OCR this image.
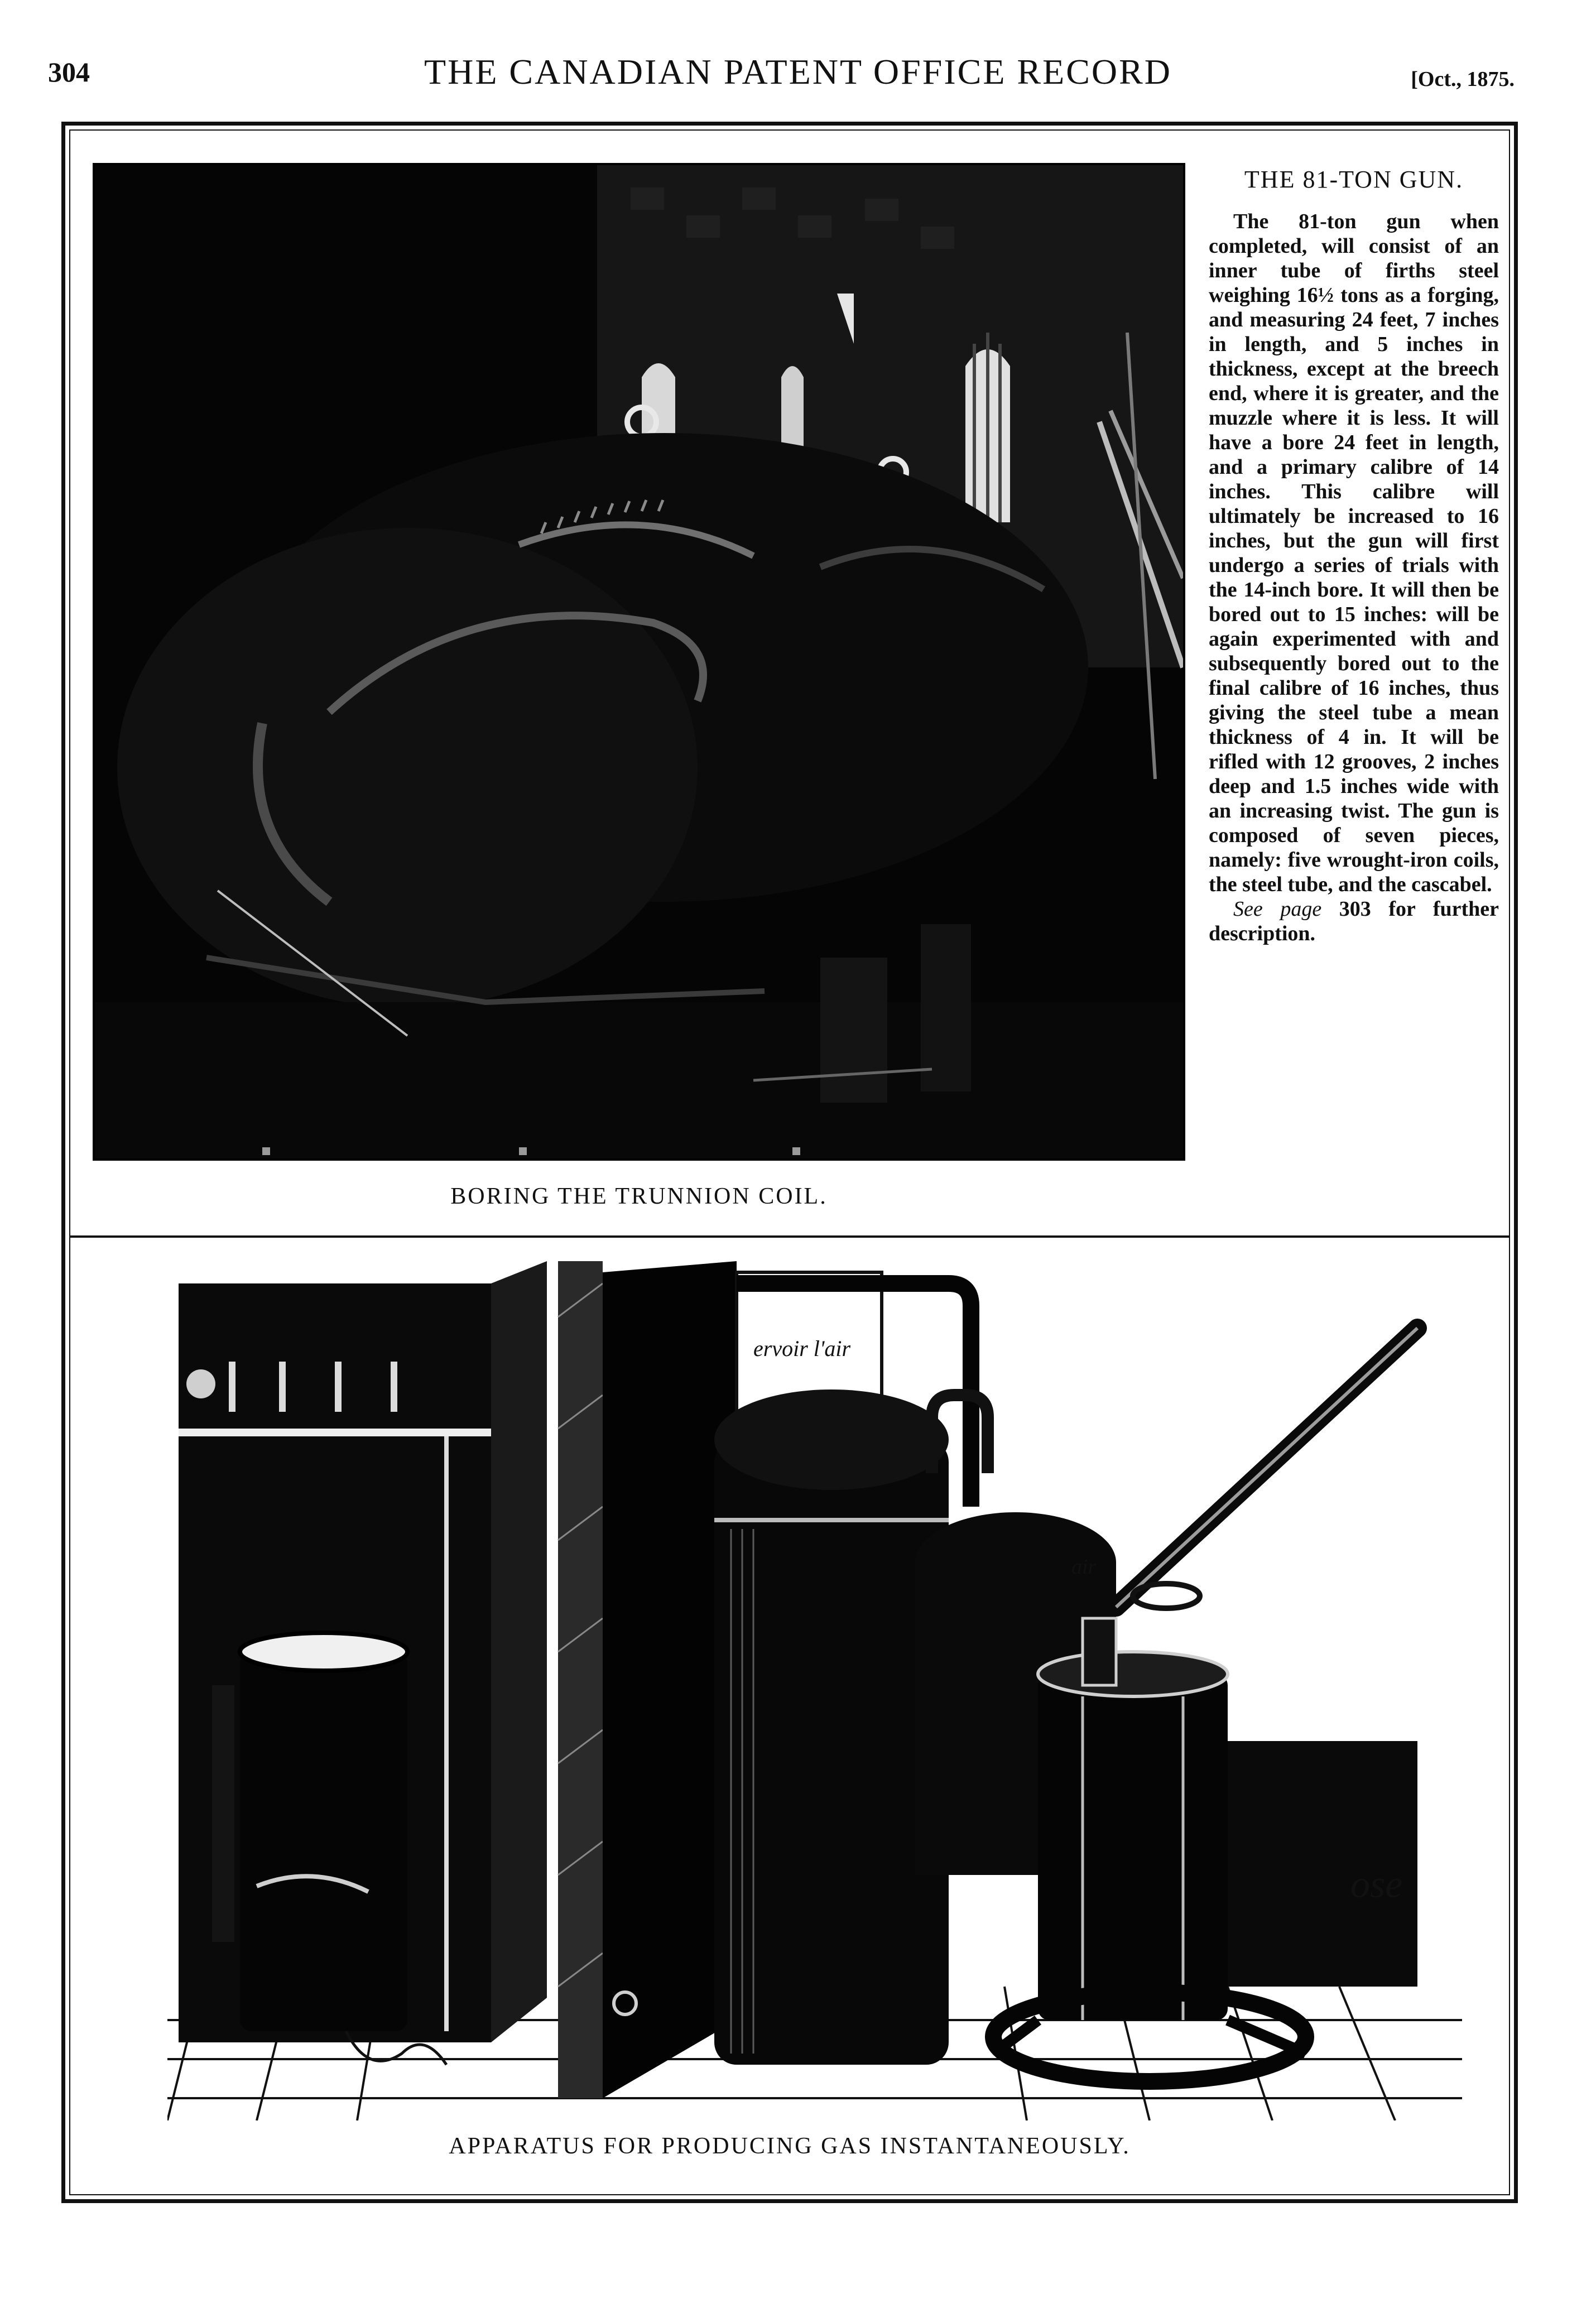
304	THE CANADIAN PATENT OFFICE RECORD	[Oct., 1875.
BORING THE TRUNNION COIL.
THE 81-TON GUN.

The 81-ton gun when completed, will consist of an inner tube of firths steel weighing 16½ tons as a forging, and measuring 24 feet, 7 inches in length, and 5 inches in thickness, except at the breech end, where it is greater, and the muzzle where it is less. It will have a bore 24 feet in length, and a primary calibre of 14 inches. This calibre will ultimately be increased to 16 inches, but the gun will first undergo a series of trials with the 14-inch bore. It will then be bored out to 15 inches: will be again experimented with and subsequently bored out to the final calibre of 16 inches, thus giving the steel tube a mean thickness of 4 in. It will be rifled with 12 grooves, 2 inches deep and 1.5 inches wide with an increasing twist. The gun is composed of seven pieces, namely: five wrought-iron coils, the steel tube, and the cascabel.

See page 303 for further description.

ervoir l'air
air
ose
APPARATUS FOR PRODUCING GAS INSTANTANEOUSLY.
